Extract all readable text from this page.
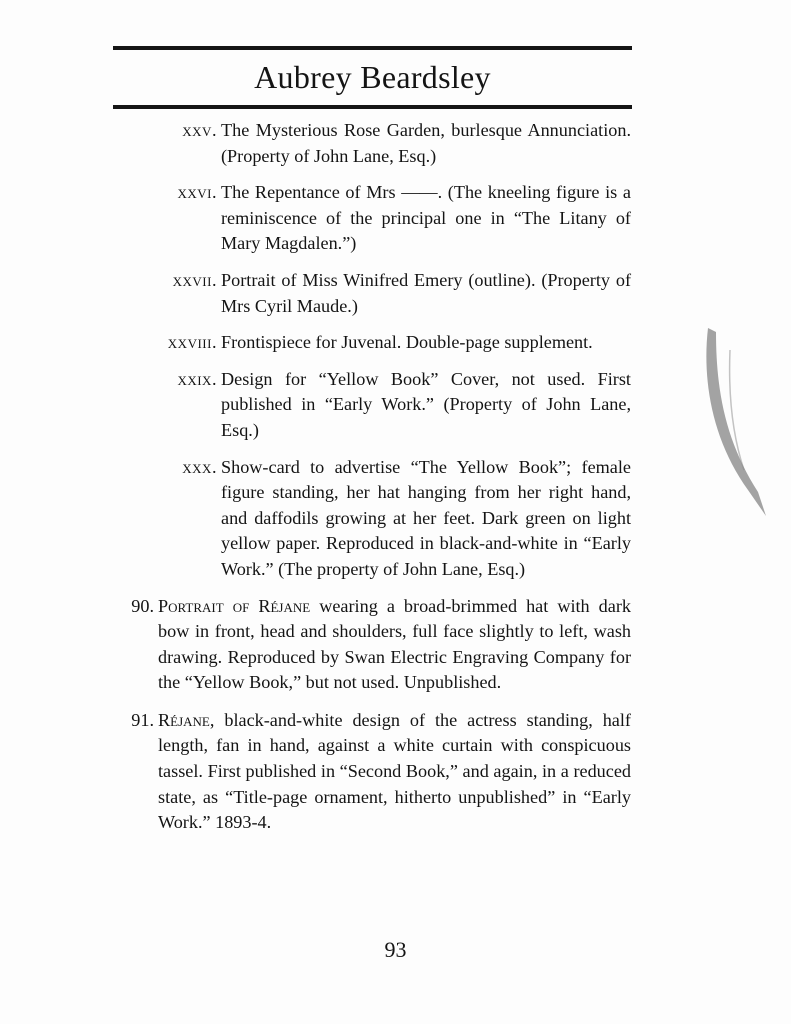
Aubrey Beardsley
xxv. The Mysterious Rose Garden, burlesque Annunciation. (Property of John Lane, Esq.)
xxvi. The Repentance of Mrs ——. (The kneeling figure is a reminiscence of the principal one in “The Litany of Mary Magdalen.”)
xxvii. Portrait of Miss Winifred Emery (outline). (Property of Mrs Cyril Maude.)
xxviii. Frontispiece for Juvenal. Double-page supplement.
xxix. Design for “Yellow Book” Cover, not used. First published in “Early Work.” (Property of John Lane, Esq.)
xxx. Show-card to advertise “The Yellow Book”; female figure standing, her hat hanging from her right hand, and daffodils growing at her feet. Dark green on light yellow paper. Reproduced in black-and-white in “Early Work.” (The property of John Lane, Esq.)
90. Portrait of Réjane wearing a broad-brimmed hat with dark bow in front, head and shoulders, full face slightly to left, wash drawing. Reproduced by Swan Electric Engraving Company for the “Yellow Book,” but not used. Unpublished.
91. Réjane, black-and-white design of the actress standing, half length, fan in hand, against a white curtain with conspicuous tassel. First published in “Second Book,” and again, in a reduced state, as “Title-page ornament, hitherto unpublished” in “Early Work.” 1893-4.
93
